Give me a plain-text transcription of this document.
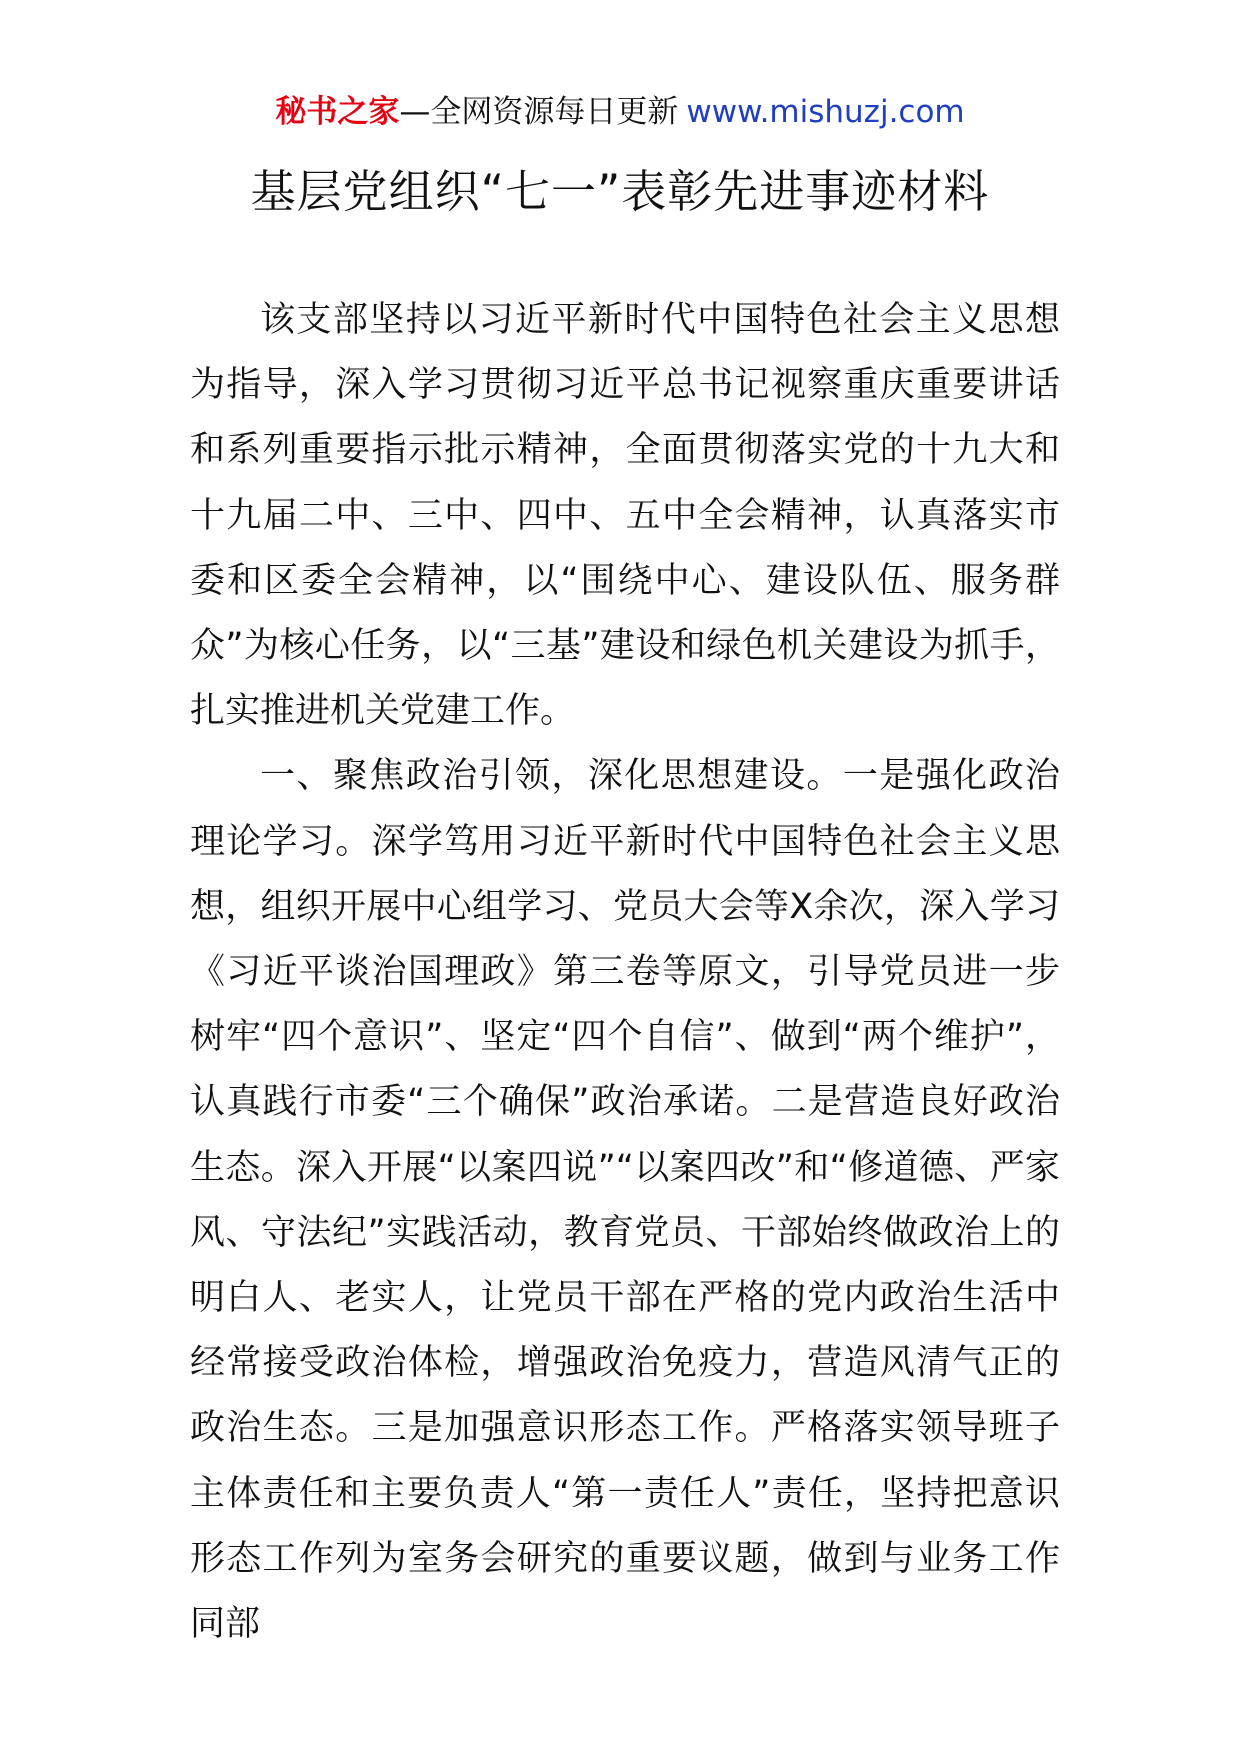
秘书之家—全网资源每日更新 www.mishuzj.com
基层党组织“七一”表彰先进事迹材料

该支部坚持以习近平新时代中国特色社会主义思想为指导，深入学习贯彻习近平总书记视察重庆重要讲话和系列重要指示批示精神，全面贯彻落实党的十九大和十九届二中、三中、四中、五中全会精神，认真落实市委和区委全会精神，以“围绕中心、建设队伍、服务群众”为核心任务，以“三基”建设和绿色机关建设为抓手，扎实推进机关党建工作。

一、聚焦政治引领，深化思想建设。一是强化政治理论学习。深学笃用习近平新时代中国特色社会主义思想，组织开展中心组学习、党员大会等X余次，深入学习《习近平谈治国理政》第三卷等原文，引导党员进一步树牢“四个意识”、坚定“四个自信”、做到“两个维护”，认真践行市委“三个确保”政治承诺。二是营造良好政治生态。深入开展“以案四说”“以案四改”和“修道德、严家风、守法纪”实践活动，教育党员、干部始终做政治上的明白人、老实人，让党员干部在严格的党内政治生活中经常接受政治体检，增强政治免疫力，营造风清气正的政治生态。三是加强意识形态工作。严格落实领导班子主体责任和主要负责人“第一责任人”责任，坚持把意识形态工作列为室务会研究的重要议题，做到与业务工作同部
